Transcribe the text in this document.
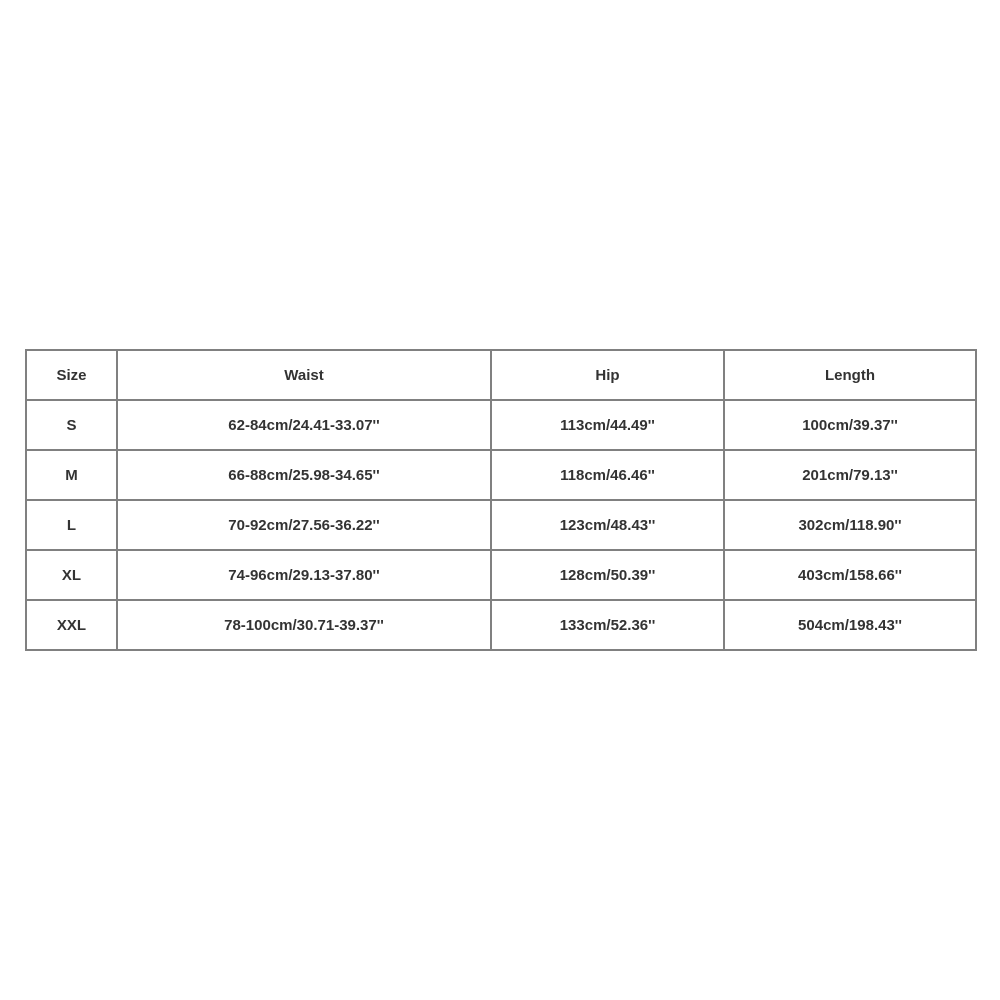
Size	Waist	Hip	Length
S	62-84cm/24.41-33.07''	113cm/44.49''	100cm/39.37''
M	66-88cm/25.98-34.65''	118cm/46.46''	201cm/79.13''
L	70-92cm/27.56-36.22''	123cm/48.43''	302cm/118.90''
XL	74-96cm/29.13-37.80''	128cm/50.39''	403cm/158.66''
XXL	78-100cm/30.71-39.37''	133cm/52.36''	504cm/198.43''
